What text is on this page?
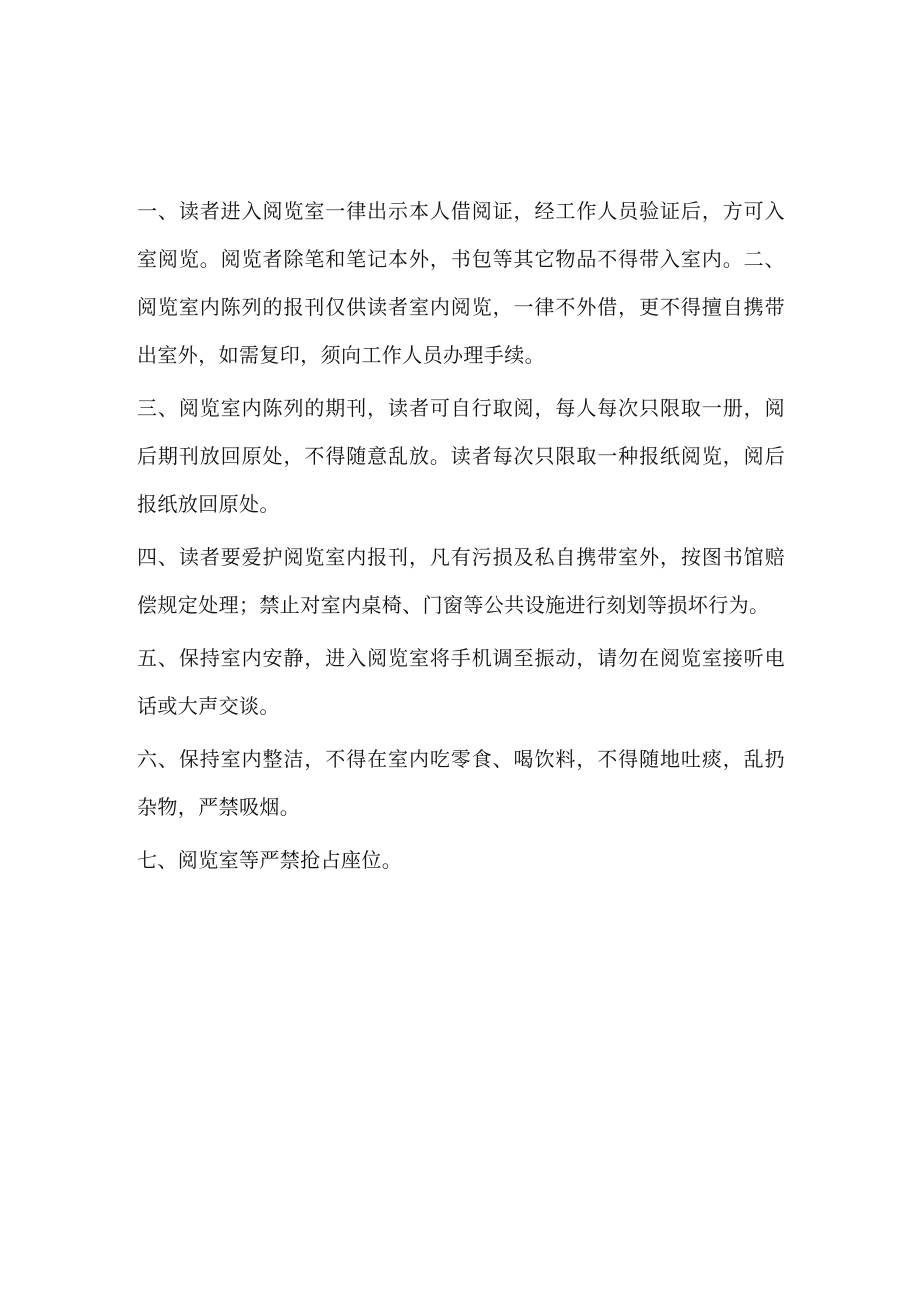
一、读者进入阅览室一律出示本人借阅证，经工作人员验证后，方可入室阅览。阅览者除笔和笔记本外，书包等其它物品不得带入室内。二、阅览室内陈列的报刊仅供读者室内阅览，一律不外借，更不得擅自携带出室外，如需复印，须向工作人员办理手续。

三、阅览室内陈列的期刊，读者可自行取阅，每人每次只限取一册，阅后期刊放回原处，不得随意乱放。读者每次只限取一种报纸阅览，阅后报纸放回原处。

四、读者要爱护阅览室内报刊，凡有污损及私自携带室外，按图书馆赔偿规定处理；禁止对室内桌椅、门窗等公共设施进行刻划等损坏行为。

五、保持室内安静，进入阅览室将手机调至振动，请勿在阅览室接听电话或大声交谈。

六、保持室内整洁，不得在室内吃零食、喝饮料，不得随地吐痰，乱扔杂物，严禁吸烟。

七、阅览室等严禁抢占座位。
